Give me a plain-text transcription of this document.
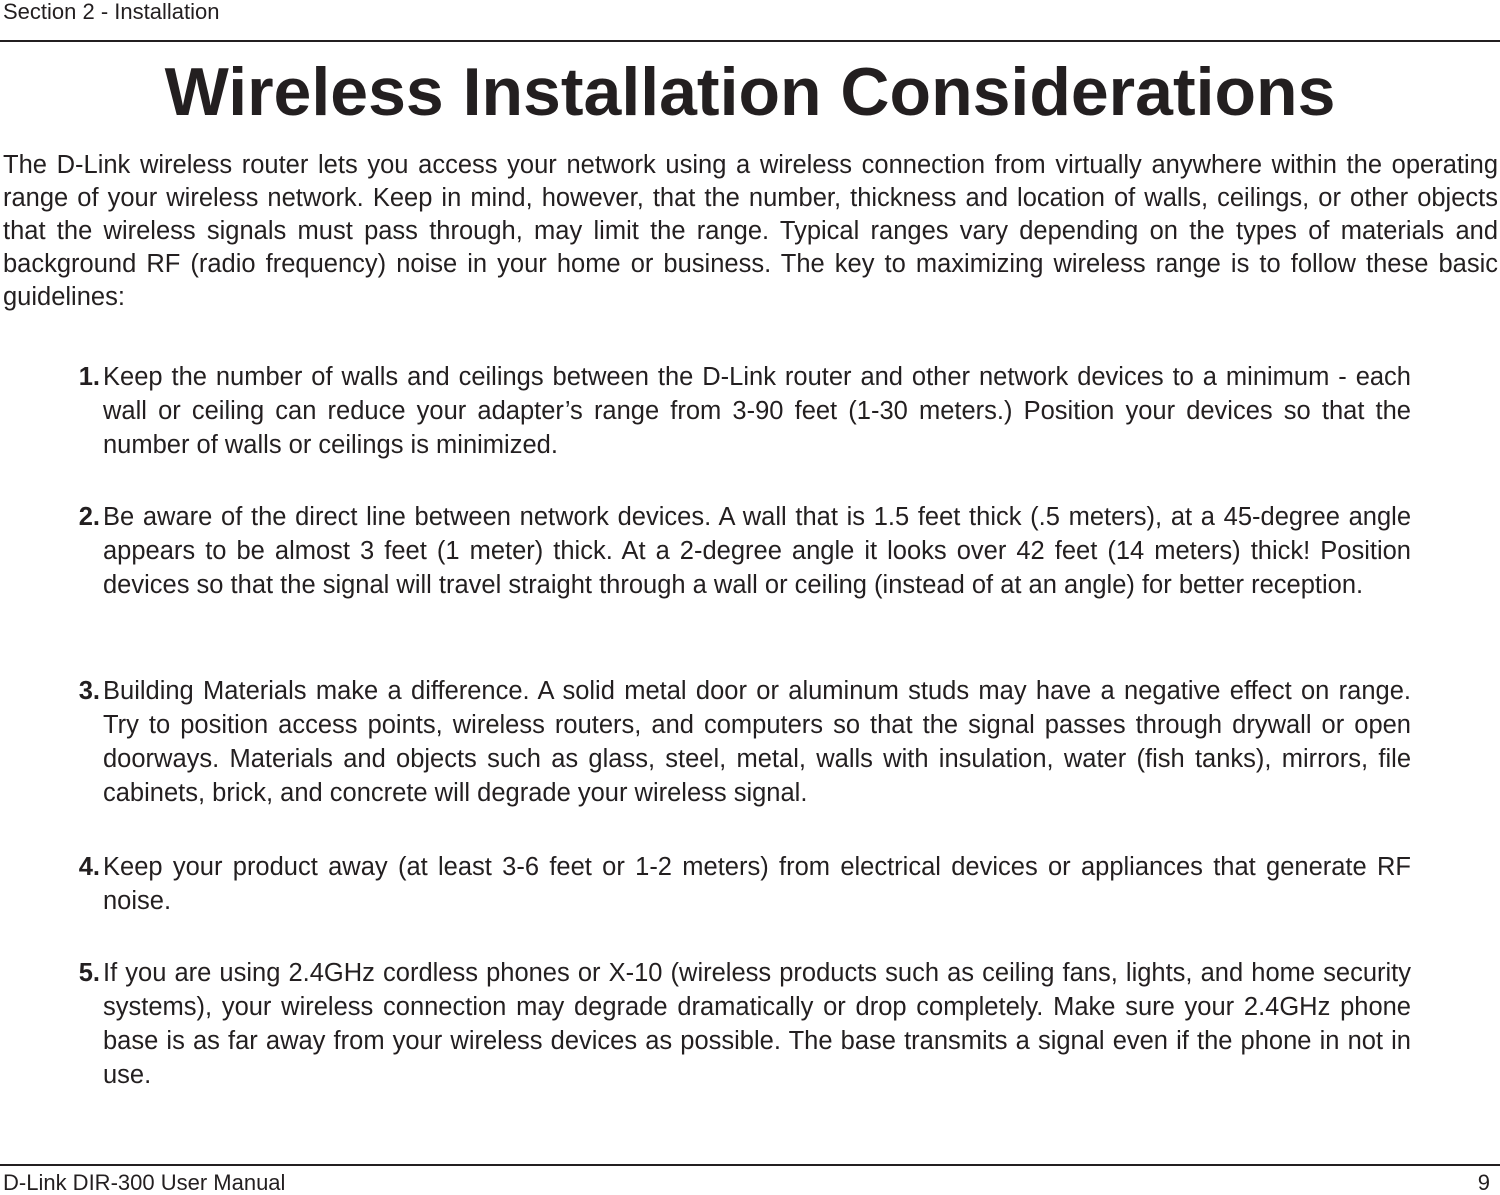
Section 2 - Installation
Wireless Installation Considerations

The D-Link wireless router lets you access your network using a wireless connection from virtually anywhere within the operating range of your wireless network. Keep in mind, however, that the number, thickness and location of walls, ceilings, or other objects that the wireless signals must pass through, may limit the range. Typical ranges vary depending on the types of materials and background RF (radio frequency) noise in your home or business. The key to maximizing wireless range is to follow these basic guidelines:

1. Keep the number of walls and ceilings between the D-Link router and other network devices to a minimum - each wall or ceiling can reduce your adapter’s range from 3-90 feet (1-30 meters.) Position your devices so that the number of walls or ceilings is minimized.

2. Be aware of the direct line between network devices. A wall that is 1.5 feet thick (.5 meters), at a 45-degree angle appears to be almost 3 feet (1 meter) thick. At a 2-degree angle it looks over 42 feet (14 meters) thick! Position devices so that the signal will travel straight through a wall or ceiling (instead of at an angle) for better reception.

3. Building Materials make a difference. A solid metal door or aluminum studs may have a negative effect on range. Try to position access points, wireless routers, and computers so that the signal passes through drywall or open doorways. Materials and objects such as glass, steel, metal, walls with insulation, water (fish tanks), mirrors, file cabinets, brick, and concrete will degrade your wireless signal.

4. Keep your product away (at least 3-6 feet or 1-2 meters) from electrical devices or appliances that generate RF noise.

5. If you are using 2.4GHz cordless phones or X-10 (wireless products such as ceiling fans, lights, and home security systems), your wireless connection may degrade dramatically or drop completely. Make sure your 2.4GHz phone base is as far away from your wireless devices as possible. The base transmits a signal even if the phone in not in use.

D-Link DIR-300 User Manual	9
